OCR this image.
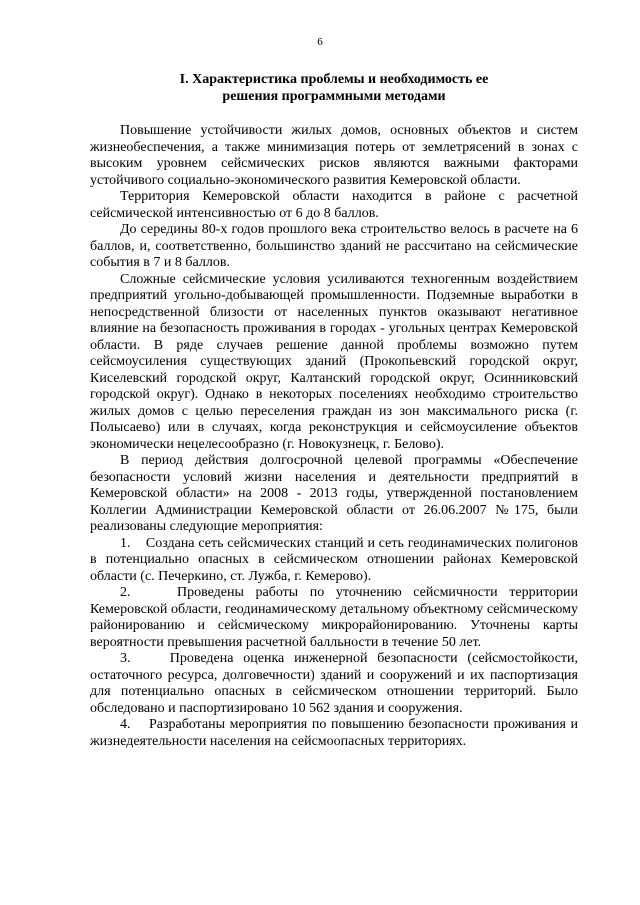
6
I. Характеристика проблемы и необходимость ее
решения программными методами

Повышение устойчивости жилых домов, основных объектов и систем жизнеобеспечения, а также минимизация потерь от землетрясений в зонах с высоким уровнем сейсмических рисков являются важными факторами устойчивого социально-экономического развития Кемеровской области.

Территория Кемеровской области находится в районе с расчетной сейсмической интенсивностью от 6 до 8 баллов.

До середины 80-х годов прошлого века строительство велось в расчете на 6 баллов, и, соответственно, большинство зданий не рассчитано на сейсмические события в 7 и 8 баллов.

Сложные сейсмические условия усиливаются техногенным воздействием предприятий угольно-добывающей промышленности. Подземные выработки в непосредственной близости от населенных пунктов оказывают негативное влияние на безопасность проживания в городах - угольных центрах Кемеровской области. В ряде случаев решение данной проблемы возможно путем сейсмоусиления существующих зданий (Прокопьевский городской округ, Киселевский городской округ, Калтанский городской округ, Осинниковский городской округ). Однако в некоторых поселениях необходимо строительство жилых домов с целью переселения граждан из зон максимального риска (г. Полысаево) или в случаях, когда реконструкция и сейсмоусиление объектов экономически нецелесообразно (г. Новокузнецк, г. Белово).

В период действия долгосрочной целевой программы «Обеспечение безопасности условий жизни населения и деятельности предприятий в Кемеровской области» на 2008 - 2013 годы, утвержденной постановлением Коллегии Администрации Кемеровской области от 26.06.2007 №175, были реализованы следующие мероприятия:

1.    Создана сеть сейсмических станций и сеть геодинамических полигонов в потенциально опасных в сейсмическом отношении районах Кемеровской области (с. Печеркино, ст. Лужба, г. Кемерово).

2.    Проведены работы по уточнению сейсмичности территории Кемеровской области, геодинамическому детальному объектному сейсмическому районированию и сейсмическому микрорайонированию. Уточнены карты вероятности превышения расчетной балльности в течение 50 лет.

3.    Проведена оценка инженерной безопасности (сейсмостойкости, остаточного ресурса, долговечности) зданий и сооружений и их паспортизация для потенциально опасных в сейсмическом отношении территорий. Было обследовано и паспортизировано 10 562 здания и сооружения.

4.    Разработаны мероприятия по повышению безопасности проживания и жизнедеятельности населения на сейсмоопасных территориях.
